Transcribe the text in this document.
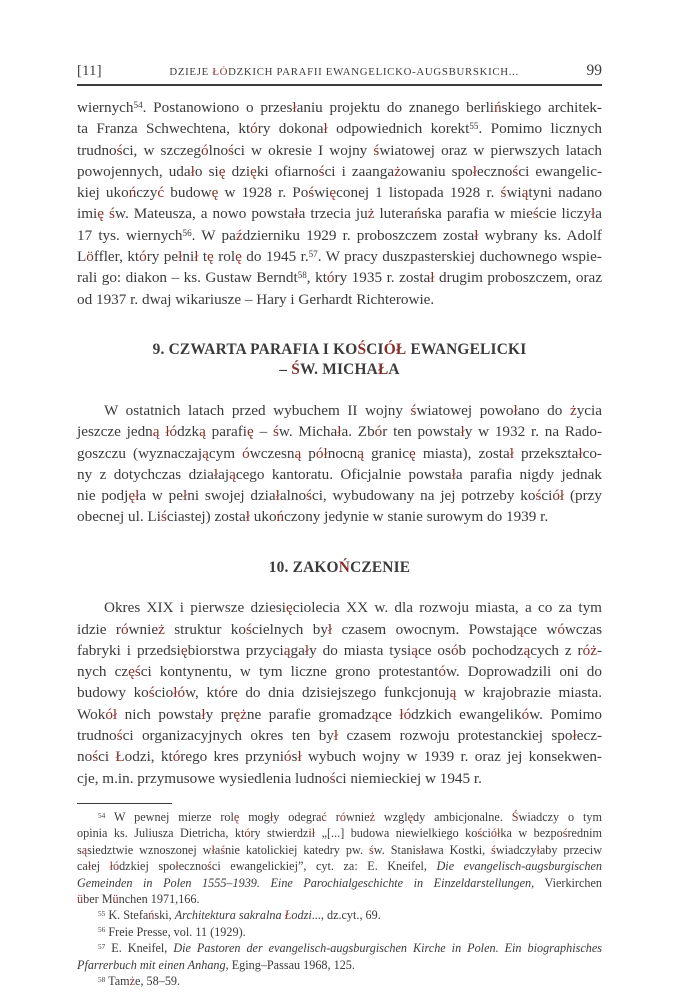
[11]	DZIEJE ŁÓDZKICH PARAFII EWANGELICKO-AUGSBURSKICH...	99
wiernych$^{54}$. Postanowiono o przesłaniu projektu do znanego berlińskiego architek-
ta Franza Schwechtena, który dokonał odpowiednich korekt$^{55}$. Pomimo licznych
trudności, w szczególności w okresie I wojny światowej oraz w pierwszych latach
powojennych, udało się dzięki ofiarności i zaangażowaniu społeczności ewangelic-
kiej ukończyć budowę w 1928 r. Poświęconej 1 listopada 1928 r. świątyni nadano
imię św. Mateusza, a nowo powstała trzecia już luterańska parafia w mieście liczyła
17 tys. wiernych$^{56}$. W październiku 1929 r. proboszczem został wybrany ks. Adolf
Löffler, który pełnił tę rolę do 1945 r.$^{57}$. W pracy duszpasterskiej duchownego wspie-
rali go: diakon – ks. Gustaw Berndt$^{58}$, który 1935 r. został drugim proboszczem, oraz
od 1937 r. dwaj wikariusze – Hary i Gerhardt Richterowie.
9. CZWARTA PARAFIA I KOŚCIÓŁ EWANGELICKI
– ŚW. MICHAŁA
W ostatnich latach przed wybuchem II wojny światowej powołano do życia
jeszcze jedną łódzką parafię – św. Michała. Zbór ten powstały w 1932 r. na Rado-
goszczu (wyznaczającym ówczesną północną granicę miasta), został przekształco-
ny z dotychczas działającego kantoratu. Oficjalnie powstała parafia nigdy jednak
nie podjęła w pełni swojej działalności, wybudowany na jej potrzeby kościół (przy
obecnej ul. Liściastej) został ukończony jedynie w stanie surowym do 1939 r.
10. ZAKOŃCZENIE
Okres XIX i pierwsze dziesięciolecia XX w. dla rozwoju miasta, a co za tym
idzie również struktur kościelnych był czasem owocnym. Powstające wówczas
fabryki i przedsiębiorstwa przyciągały do miasta tysiące osób pochodzących z róż-
nych części kontynentu, w tym liczne grono protestantów. Doprowadzili oni do
budowy kościołów, które do dnia dzisiejszego funkcjonują w krajobrazie miasta.
Wokół nich powstały prężne parafie gromadzące łódzkich ewangelików. Pomimo
trudności organizacyjnych okres ten był czasem rozwoju protestanckiej społecz-
ności Łodzi, którego kres przyniósł wybuch wojny w 1939 r. oraz jej konsekwen-
cje, m.in. przymusowe wysiedlenia ludności niemieckiej w 1945 r.
$^{54}$ W pewnej mierze rolę mogły odegrać również względy ambicjonalne. Świadczy o tym
opinia ks. Juliusza Dietricha, który stwierdził „[...] budowa niewielkiego kościółka w bezpośrednim
sąsiedztwie wznoszonej właśnie katolickiej katedry pw. św. Stanisława Kostki, świadczyłaby przeciw
całej łódzkiej społeczności ewangelickiej”, cyt. za: E. Kneifel, Die evangelisch-augsburgischen
Gemeinden in Polen 1555–1939. Eine Parochialgeschichte in Einzeldarstellungen, Vierkirchen
über München 1971,166.
$^{55}$ K. Stefański, Architektura sakralna Łodzi..., dz.cyt., 69.
$^{56}$ Freie Presse, vol. 11 (1929).
$^{57}$ E. Kneifel, Die Pastoren der evangelisch-augsburgischen Kirche in Polen. Ein biographisches
Pfarrerbuch mit einen Anhang, Eging–Passau 1968, 125.
$^{58}$ Tamże, 58–59.
